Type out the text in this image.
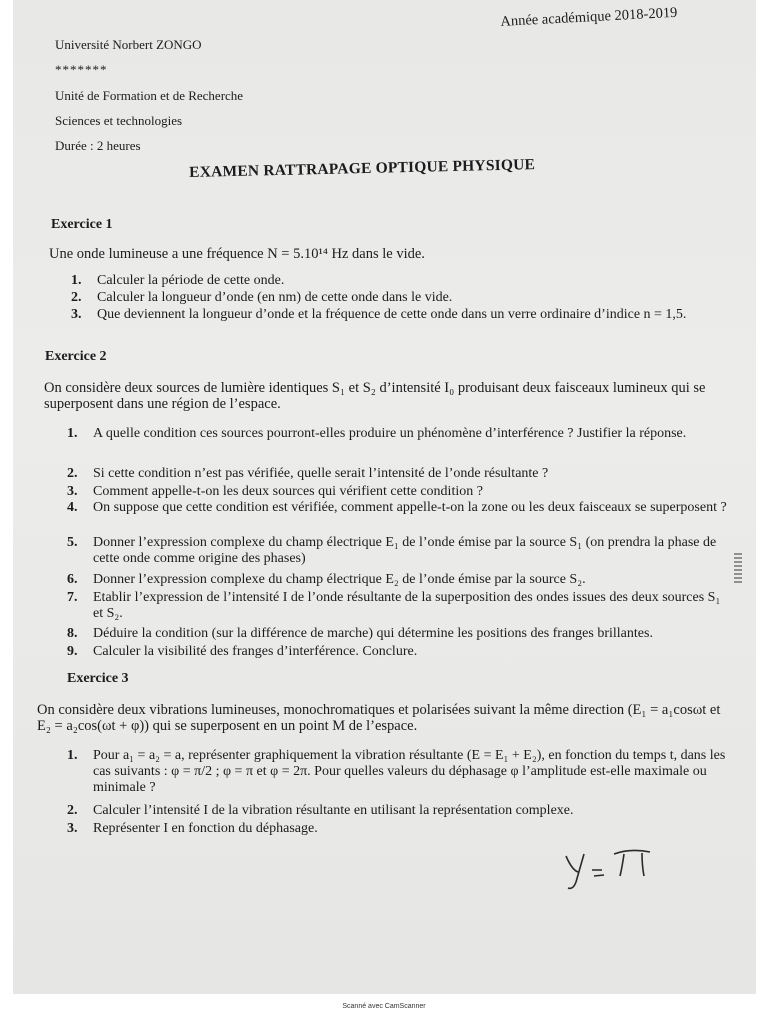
Université Norbert ZONGO
*******
Unité de Formation et de Recherche
Sciences et technologies
Durée : 2 heures
Année académique 2018-2019
EXAMEN RATTRAPAGE OPTIQUE PHYSIQUE
Exercice 1
Une onde lumineuse a une fréquence N = 5.10¹⁴ Hz dans le vide.
1.	Calculer la période de cette onde.
2.	Calculer la longueur d’onde (en nm) de cette onde dans le vide.
3.	Que deviennent la longueur d’onde et la fréquence de cette onde dans un verre ordinaire d’indice n = 1,5.
Exercice 2
On considère deux sources de lumière identiques S₁ et S₂ d’intensité I₀ produisant deux faisceaux lumineux qui se superposent dans une région de l’espace.
1.	A quelle condition ces sources pourront-elles produire un phénomène d’interférence ? Justifier la réponse.
2.	Si cette condition n’est pas vérifiée, quelle serait l’intensité de l’onde résultante ?
3.	Comment appelle-t-on les deux sources qui vérifient cette condition ?
4.	On suppose que cette condition est vérifiée, comment appelle-t-on la zone ou les deux faisceaux se superposent ?
5.	Donner l’expression complexe du champ électrique E₁ de l’onde émise par la source S₁ (on prendra la phase de cette onde comme origine des phases)
6.	Donner l’expression complexe du champ électrique E₂ de l’onde émise par la source S₂.
7.	Etablir l’expression de l’intensité I de l’onde résultante de la superposition des ondes issues des deux sources S₁ et S₂.
8.	Déduire la condition (sur la différence de marche) qui détermine les positions des franges brillantes.
9.	Calculer la visibilité des franges d’interférence. Conclure.
Exercice 3
On considère deux vibrations lumineuses, monochromatiques et polarisées suivant la même direction (E₁ = a₁cosωt et E₂ = a₂cos(ωt + φ)) qui se superposent en un point M de l’espace.
1.	Pour a₁ = a₂ = a, représenter graphiquement la vibration résultante (E = E₁ + E₂), en fonction du temps t, dans les cas suivants : φ = π/2 ; φ = π et φ = 2π. Pour quelles valeurs du déphasage φ l’amplitude est-elle maximale ou minimale ?
2.	Calculer l’intensité I de la vibration résultante en utilisant la représentation complexe.
3.	Représenter I en fonction du déphasage.
y = π
Scanné avec CamScanner
